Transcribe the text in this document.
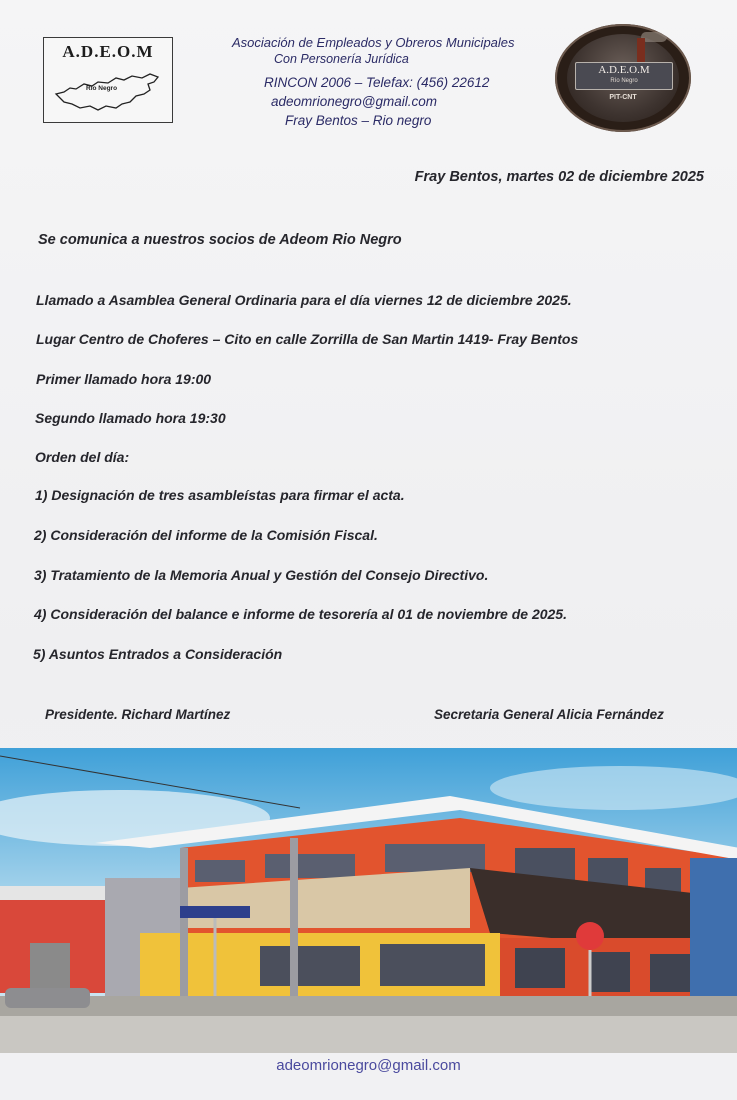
A.D.E.O.M
Rio Negro
Asociación de Empleados y Obreros Municipales
Con Personería Jurídica
RINCON 2006 – Telefax: (456) 22612
adeomrionegro@gmail.com
Fray Bentos – Rio negro
A.D.E.O.M
Río Negro
PIT-CNT
Fray Bentos, martes 02 de diciembre 2025
Se comunica a nuestros socios de Adeom Rio Negro
Llamado a Asamblea General Ordinaria para el día viernes 12 de diciembre 2025.
Lugar Centro de Choferes – Cito en calle Zorrilla de San Martin 1419- Fray Bentos
Primer llamado hora 19:00
Segundo llamado hora 19:30
Orden del día:
1) Designación de tres asambleístas para firmar el acta.
2) Consideración del informe de la Comisión Fiscal.
3) Tratamiento de la Memoria Anual y Gestión del Consejo Directivo.
4) Consideración del balance e informe de tesorería al 01 de noviembre de 2025.
5) Asuntos Entrados a Consideración
Presidente. Richard Martínez	Secretaria General Alicia Fernández
adeomrionegro@gmail.com
